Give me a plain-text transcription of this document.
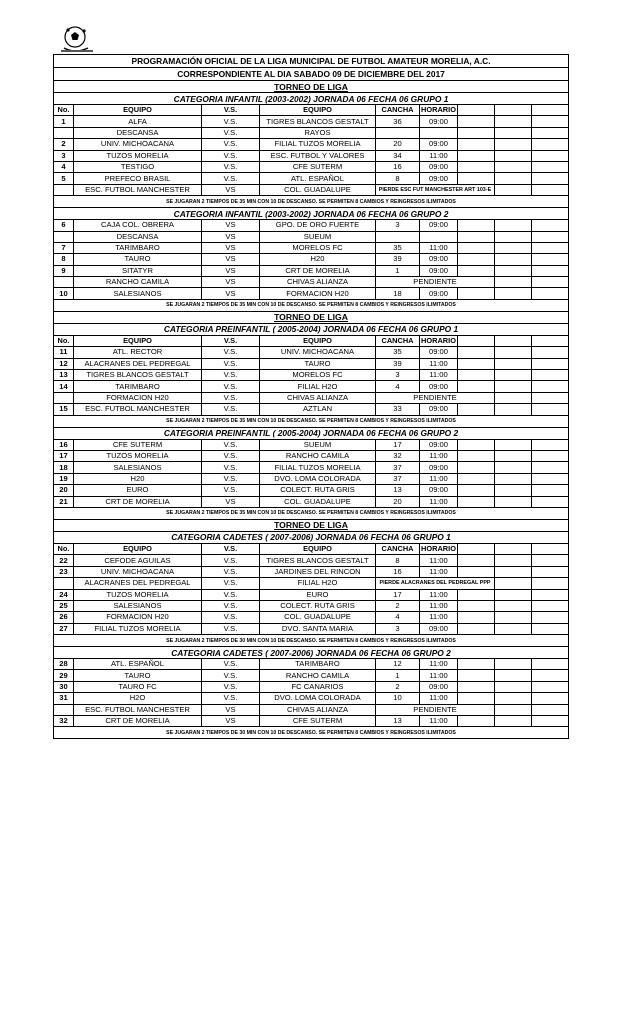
PROGRAMACIÓN OFICIAL DE LA LIGA MUNICIPAL DE FUTBOL AMATEUR MORELIA, A.C.								
CORRESPONDIENTE AL DIA SABADO 09 DE DICIEMBRE DEL 2017								
TORNEO DE LIGA								
CATEGORIA INFANTIL (2003-2002) JORNADA 06 FECHA 06 GRUPO 1								
No.	EQUIPO	V.S.	EQUIPO	CANCHA	HORARIO			
1	ALFA	V.S.	TIGRES BLANCOS GESTALT	36	09:00			
	DESCANSA	V.S.	RAYOS					
2	UNIV. MICHOACANA	V.S.	FILIAL TUZOS MORELIA	20	09:00			
3	TUZOS MORELIA	V.S.	ESC. FUTBOL Y VALORES	34	11:00			
4	TESTIGO	V.S.	CFE SUTERM	16	09:00			
5	PREFECO BRASIL	V.S.	ATL. ESPAÑOL	8	09:00			
	ESC. FUTBOL MANCHESTER	VS	COL. GUADALUPE	PIERDE ESC FUT MANCHESTER ART 103-E				
SE JUGARAN 2 TIEMPOS DE 35 MIN CON 10 DE DESCANSO. SE PERMITEN 8 CAMBIOS Y REINGRESOS ILIMITADOS								
CATEGORIA INFANTIL (2003-2002) JORNADA 06 FECHA 06 GRUPO 2								
6	CAJA COL. OBRERA	VS	GPO. DE ORO FUERTE	3	09:00			
	DESCANSA	VS	SUEUM					
7	TARIMBARO	VS	MORELOS FC	35	11:00			
8	TAURO	VS	H20	39	09:00			
9	SITATYR	VS	CRT DE MORELIA	1	09:00			
	RANCHO CAMILA	VS	CHIVAS ALIANZA	PENDIENTE				
10	SALESIANOS	VS	FORMACION H20	18	09:00			
SE JUGARAN 2 TIEMPOS DE 35 MIN CON 10 DE DESCANSO. SE PERMITEN 8 CAMBIOS Y REINGRESOS ILIMITADOS								
TORNEO DE LIGA								
CATEGORIA PREINFANTIL ( 2005-2004) JORNADA 06 FECHA 06 GRUPO 1								
No.	EQUIPO	V.S.	EQUIPO	CANCHA	HORARIO			
11	ATL. RECTOR	V.S.	UNIV. MICHOACANA	35	09:00			
12	ALACRANES DEL PEDREGAL	V.S.	TAURO	39	11:00			
13	TIGRES BLANCOS GESTALT	V.S.	MORELOS FC	3	11:00			
14	TARIMBARO	V.S.	FILIAL H2O	4	09:00			
	FORMACION H20	V.S.	CHIVAS ALIANZA	PENDIENTE				
15	ESC. FUTBOL MANCHESTER	V.S.	AZTLAN	33	09:00			
SE JUGARAN 2 TIEMPOS DE 35 MIN CON 10 DE DESCANSO. SE PERMITEN 8 CAMBIOS Y REINGRESOS ILIMITADOS								
CATEGORIA PREINFANTIL ( 2005-2004) JORNADA 06 FECHA 06 GRUPO 2								
16	CFE SUTERM	V.S.	SUEUM	17	09:00			
17	TUZOS MORELIA	V.S.	RANCHO CAMILA	32	11:00			
18	SALESIANOS	V.S.	FILIAL TUZOS MORELIA	37	09:00			
19	H20	V.S.	DVO. LOMA COLORADA	37	11:00			
20	EURO	V.S.	COLECT. RUTA GRIS	13	09:00			
21	CRT DE MORELIA	VS	COL. GUADALUPE	20	11:00			
SE JUGARAN 2 TIEMPOS DE 35 MIN CON 10 DE DESCANSO. SE PERMITEN 8 CAMBIOS Y REINGRESOS ILIMITADOS								
TORNEO DE LIGA								
CATEGORIA CADETES ( 2007-2006) JORNADA 06 FECHA 06 GRUPO 1								
No.	EQUIPO	V.S.	EQUIPO	CANCHA	HORARIO			
22	CEFODE AGUILAS	V.S.	TIGRES BLANCOS GESTALT	8	11:00			
23	UNIV. MICHOACANA	V.S.	JARDINES DEL RINCON	16	11:00			
	ALACRANES DEL PEDREGAL	V.S.	FILIAL H2O	PIERDE ALACRANES DEL PEDREGAL PPP				
24	TUZOS MORELIA	V.S.	EURO	17	11:00			
25	SALESIANOS	V.S.	COLECT. RUTA GRIS	2	11:00			
26	FORMACION H20	V.S.	COL. GUADALUPE	4	11:00			
27	FILIAL TUZOS MORELIA	V.S.	DVO. SANTA MARIA	3	09:00			
SE JUGARAN 2 TIEMPOS DE 30 MIN CON 10 DE DESCANSO. SE PERMITEN 8 CAMBIOS Y REINGRESOS ILIMITADOS								
CATEGORIA CADETES ( 2007-2006) JORNADA 06 FECHA 06 GRUPO 2								
28	ATL. ESPAÑOL	V.S.	TARIMBARO	12	11:00			
29	TAURO	V.S.	RANCHO CAMILA	1	11:00			
30	TAURO FC	V.S.	FC CANARIOS	2	09:00			
31	H2O	V.S.	DVO. LOMA COLORADA	10	11:00			
	ESC. FUTBOL MANCHESTER	VS	CHIVAS ALIANZA	PENDIENTE				
32	CRT DE MORELIA	VS	CFE SUTERM	13	11:00			
SE JUGARAN 2 TIEMPOS DE 30 MIN CON 10 DE DESCANSO. SE PERMITEN 8 CAMBIOS Y REINGRESOS ILIMITADOS								
